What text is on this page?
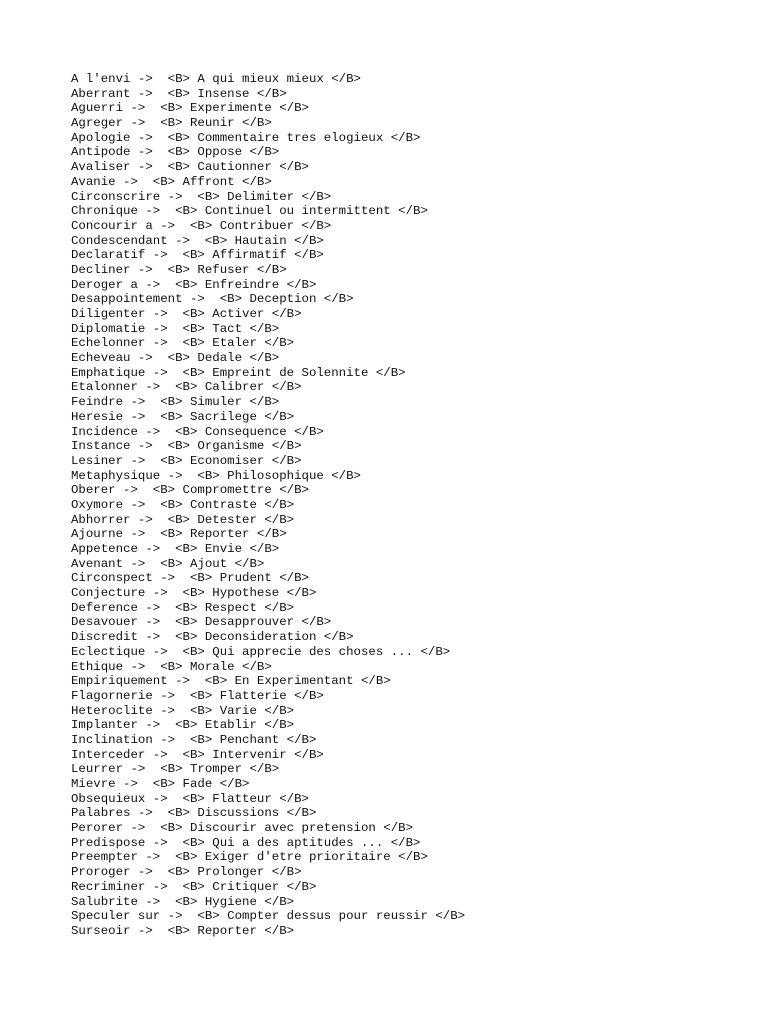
A l'envi ->  <B> A qui mieux mieux </B>
Aberrant ->  <B> Insense </B>
Aguerri ->  <B> Experimente </B>
Agreger ->  <B> Reunir </B>
Apologie ->  <B> Commentaire tres elogieux </B>
Antipode ->  <B> Oppose </B>
Avaliser ->  <B> Cautionner </B>
Avanie ->  <B> Affront </B>
Circonscrire ->  <B> Delimiter </B>
Chronique ->  <B> Continuel ou intermittent </B>
Concourir a ->  <B> Contribuer </B>
Condescendant ->  <B> Hautain </B>
Declaratif ->  <B> Affirmatif </B>
Decliner ->  <B> Refuser </B>
Deroger a ->  <B> Enfreindre </B>
Desappointement ->  <B> Deception </B>
Diligenter ->  <B> Activer </B>
Diplomatie ->  <B> Tact </B>
Echelonner ->  <B> Etaler </B>
Echeveau ->  <B> Dedale </B>
Emphatique ->  <B> Empreint de Solennite </B>
Etalonner ->  <B> Calibrer </B>
Feindre ->  <B> Simuler </B>
Heresie ->  <B> Sacrilege </B>
Incidence ->  <B> Consequence </B>
Instance ->  <B> Organisme </B>
Lesiner ->  <B> Economiser </B>
Metaphysique ->  <B> Philosophique </B>
Oberer ->  <B> Compromettre </B>
Oxymore ->  <B> Contraste </B>
Abhorrer ->  <B> Detester </B>
Ajourne ->  <B> Reporter </B>
Appetence ->  <B> Envie </B>
Avenant ->  <B> Ajout </B>
Circonspect ->  <B> Prudent </B>
Conjecture ->  <B> Hypothese </B>
Deference ->  <B> Respect </B>
Desavouer ->  <B> Desapprouver </B>
Discredit ->  <B> Deconsideration </B>
Eclectique ->  <B> Qui apprecie des choses ... </B>
Ethique ->  <B> Morale </B>
Empiriquement ->  <B> En Experimentant </B>
Flagornerie ->  <B> Flatterie </B>
Heteroclite ->  <B> Varie </B>
Implanter ->  <B> Etablir </B>
Inclination ->  <B> Penchant </B>
Interceder ->  <B> Intervenir </B>
Leurrer ->  <B> Tromper </B>
Mievre ->  <B> Fade </B>
Obsequieux ->  <B> Flatteur </B>
Palabres ->  <B> Discussions </B>
Perorer ->  <B> Discourir avec pretension </B>
Predispose ->  <B> Qui a des aptitudes ... </B>
Preempter ->  <B> Exiger d'etre prioritaire </B>
Proroger ->  <B> Prolonger </B>
Recriminer ->  <B> Critiquer </B>
Salubrite ->  <B> Hygiene </B>
Speculer sur ->  <B> Compter dessus pour reussir </B>
Surseoir ->  <B> Reporter </B>
